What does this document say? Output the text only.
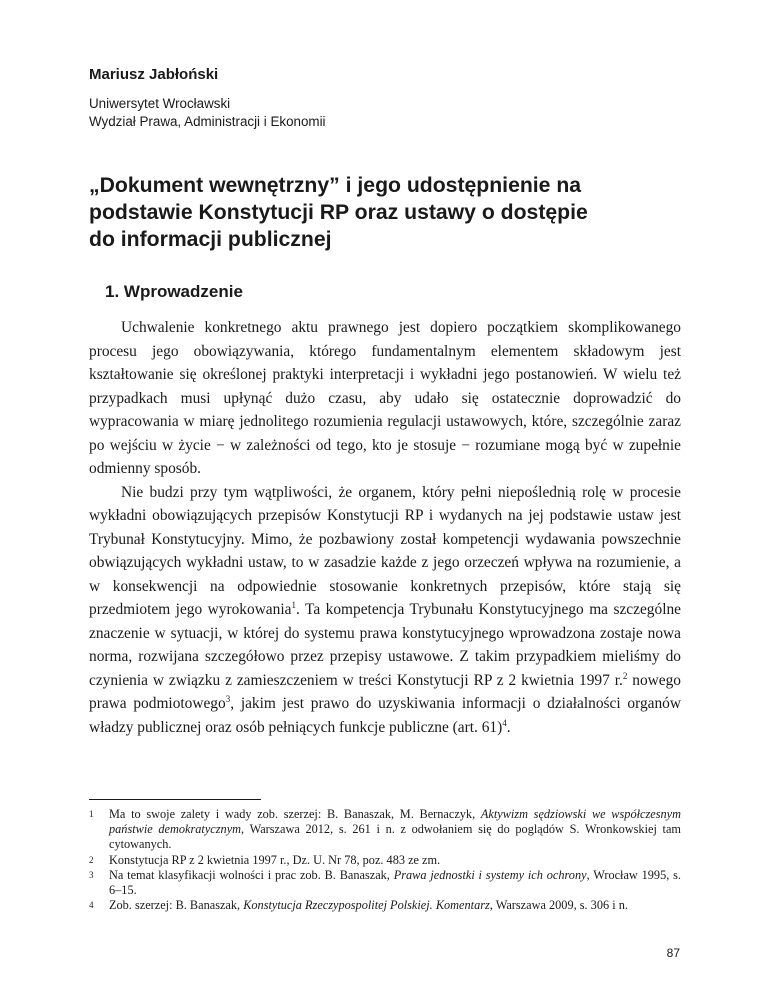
Mariusz Jabłoński
Uniwersytet Wrocławski
Wydział Prawa, Administracji i Ekonomii
„Dokument wewnętrzny” i jego udostępnienie na
podstawie Konstytucji RP oraz ustawy o dostępie
do informacji publicznej
1. Wprowadzenie

Uchwalenie konkretnego aktu prawnego jest dopiero początkiem skomplikowanego procesu jego obowiązywania, którego fundamentalnym elementem składowym jest kształtowanie się określonej praktyki interpretacji i wykładni jego postanowień. W wielu też przypadkach musi upłynąć dużo czasu, aby udało się ostatecznie doprowadzić do wypracowania w miarę jednolitego rozumienia regulacji ustawowych, które, szczególnie zaraz po wejściu w życie − w zależności od tego, kto je stosuje − rozumiane mogą być w zupełnie odmienny sposób.

Nie budzi przy tym wątpliwości, że organem, który pełni niepoślednią rolę w procesie wykładni obowiązujących przepisów Konstytucji RP i wydanych na jej podstawie ustaw jest Trybunał Konstytucyjny. Mimo, że pozbawiony został kompetencji wydawania powszechnie obwiązujących wykładni ustaw, to w zasadzie każde z jego orzeczeń wpływa na rozumienie, a w konsekwencji na odpowiednie stosowanie konkretnych przepisów, które stają się przedmiotem jego wyrokowania$^1$. Ta kompetencja Trybunału Konstytucyjnego ma szczególne znaczenie w sytuacji, w której do systemu prawa konstytucyjnego wprowadzona zostaje nowa norma, rozwijana szczegółowo przez przepisy ustawowe. Z takim przypadkiem mieliśmy do czynienia w związku z zamieszczeniem w treści Konstytucji RP z 2 kwietnia 1997 r.$^2$ nowego prawa podmiotowego$^3$, jakim jest prawo do uzyskiwania informacji o działalności organów władzy publicznej oraz osób pełniących funkcje publiczne (art. 61)$^4$.

1 Ma to swoje zalety i wady zob. szerzej: B. Banaszak, M. Bernaczyk, Aktywizm sędziowski we współczesnym państwie demokratycznym, Warszawa 2012, s. 261 i n. z odwołaniem się do poglądów S. Wronkowskiej tam cytowanych.
2 Konstytucja RP z 2 kwietnia 1997 r., Dz. U. Nr 78, poz. 483 ze zm.
3 Na temat klasyfikacji wolności i prac zob. B. Banaszak, Prawa jednostki i systemy ich ochrony, Wrocław 1995, s. 6–15.
4 Zob. szerzej: B. Banaszak, Konstytucja Rzeczypospolitej Polskiej. Komentarz, Warszawa 2009, s. 306 i n.
87
